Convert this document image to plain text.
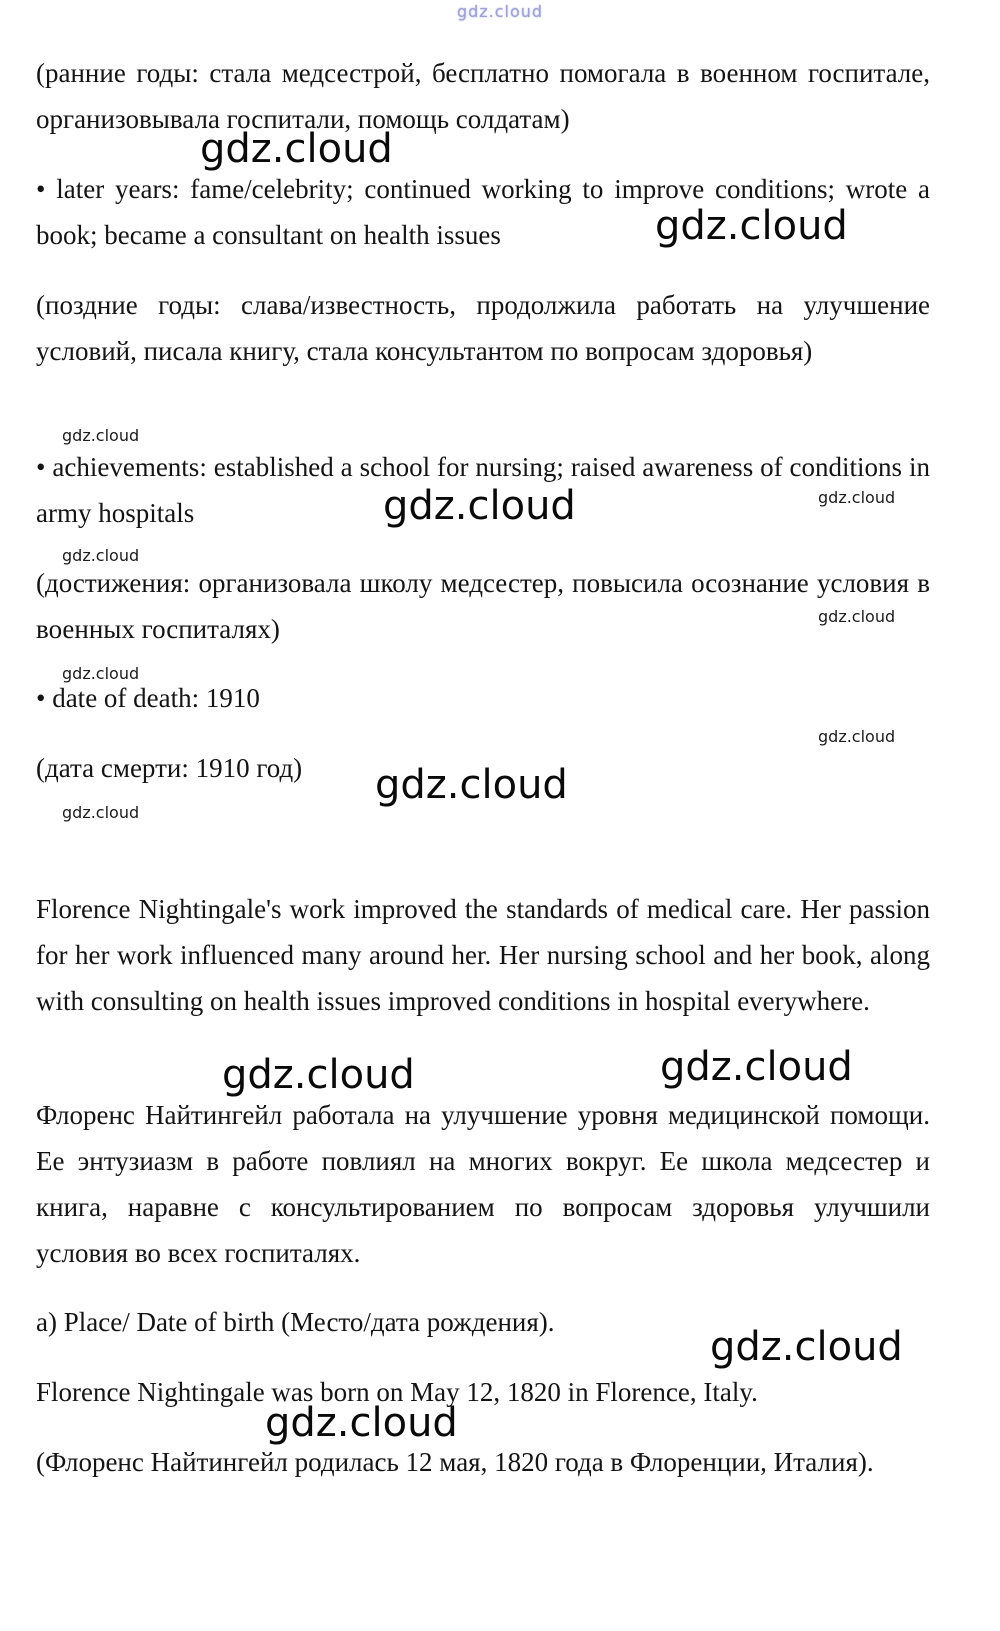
gdz.cloud

(ранние годы: стала медсестрой, бесплатно помогала в военном госпитале, организовывала госпитали, помощь солдатам)

• later years: fame/celebrity; continued working to improve conditions; wrote a book; became a consultant on health issues

(поздние годы: слава/известность, продолжила работать на улучшение условий, писала книгу, стала консультантом по вопросам здоровья)

• achievements: established a school for nursing; raised awareness of conditions in army hospitals

(достижения: организовала школу медсестер, повысила осознание условия в военных госпиталях)

• date of death: 1910

(дата смерти: 1910 год)

Florence Nightingale's work improved the standards of medical care. Her passion for her work influenced many around her. Her nursing school and her book, along with consulting on health issues improved conditions in hospital everywhere.

Флоренс Найтингейл работала на улучшение уровня медицинской помощи. Ее энтузиазм в работе повлиял на многих вокруг. Ее школа медсестер и книга, наравне с консультированием по вопросам здоровья улучшили условия во всех госпиталях.

a) Place/ Date of birth (Место/дата рождения).

Florence Nightingale was born on May 12, 1820 in Florence, Italy.

(Флоренс Найтингейл родилась 12 мая, 1820 года в Флоренции, Италия).

gdz.cloud
gdz.cloud
gdz.cloud
gdz.cloud
gdz.cloud	gdz.cloud
gdz.cloud
gdz.cloud
gdz.cloud
gdz.cloud
gdz.cloud
gdz.cloud
gdz.cloud
gdz.cloud
gdz.cloud
